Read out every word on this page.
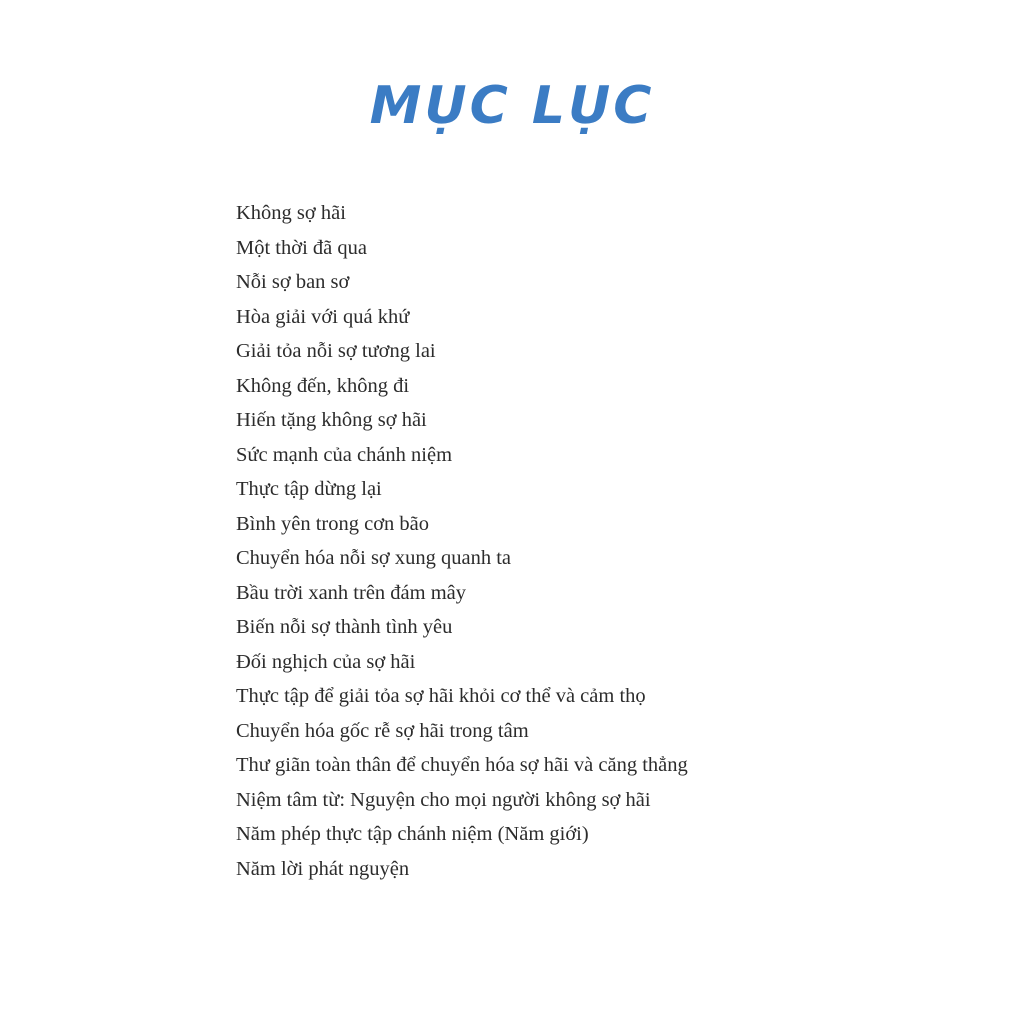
MỤC LỤC
Không sợ hãi
Một thời đã qua
Nỗi sợ ban sơ
Hòa giải với quá khứ
Giải tỏa nỗi sợ tương lai
Không đến, không đi
Hiến tặng không sợ hãi
Sức mạnh của chánh niệm
Thực tập dừng lại
Bình yên trong cơn bão
Chuyển hóa nỗi sợ xung quanh ta
Bầu trời xanh trên đám mây
Biến nỗi sợ thành tình yêu
Đối nghịch của sợ hãi
Thực tập để giải tỏa sợ hãi khỏi cơ thể và cảm thọ
Chuyển hóa gốc rễ sợ hãi trong tâm
Thư giãn toàn thân để chuyển hóa sợ hãi và căng thẳng
Niệm tâm từ: Nguyện cho mọi người không sợ hãi
Năm phép thực tập chánh niệm (Năm giới)
Năm lời phát nguyện
